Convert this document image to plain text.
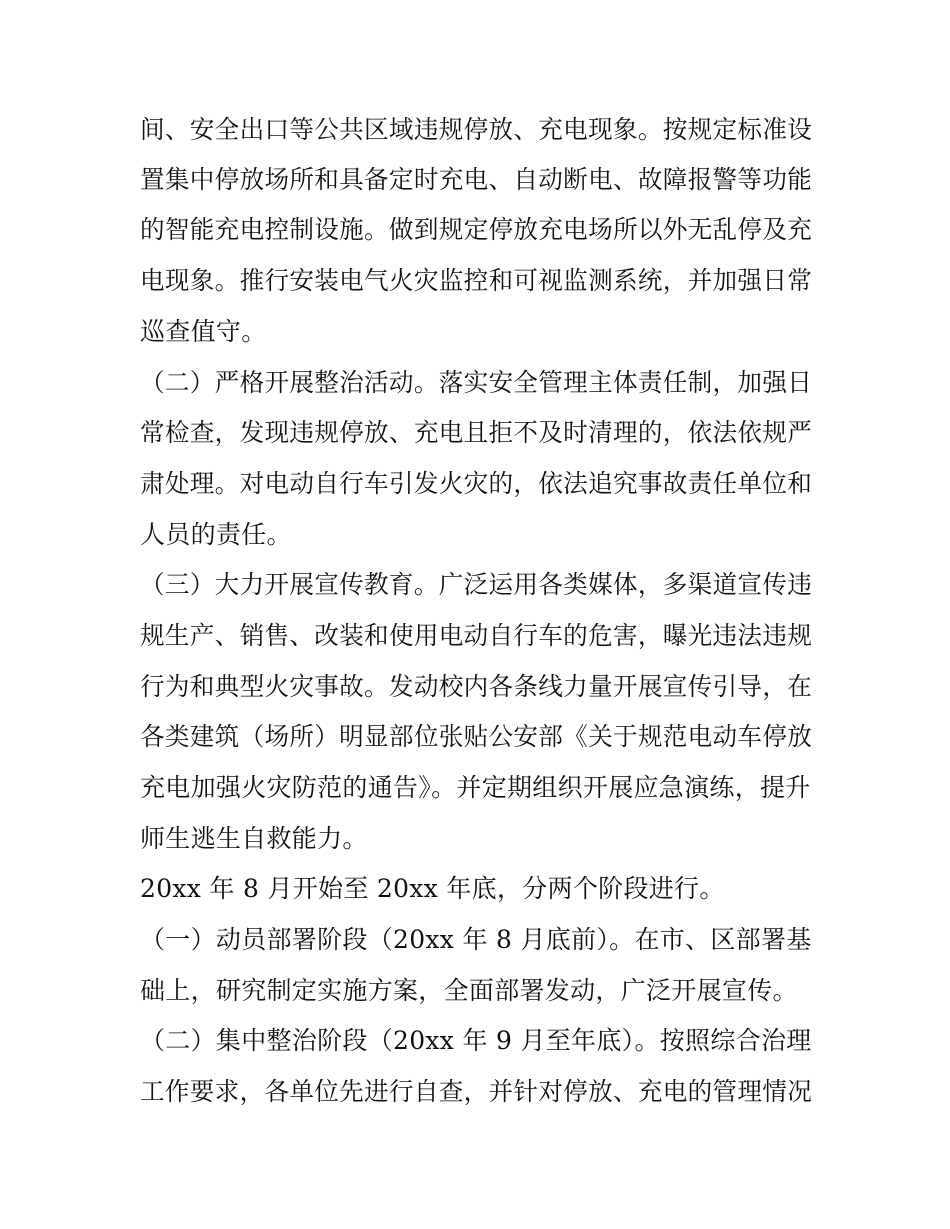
间、安全出口等公共区域违规停放、充电现象。按规定标准设
置集中停放场所和具备定时充电、自动断电、故障报警等功能
的智能充电控制设施。做到规定停放充电场所以外无乱停及充
电现象。推行安装电气火灾监控和可视监测系统，并加强日常
巡查值守。
（二）严格开展整治活动。落实安全管理主体责任制，加强日
常检查，发现违规停放、充电且拒不及时清理的，依法依规严
肃处理。对电动自行车引发火灾的，依法追究事故责任单位和
人员的责任。
（三）大力开展宣传教育。广泛运用各类媒体，多渠道宣传违
规生产、销售、改装和使用电动自行车的危害，曝光违法违规
行为和典型火灾事故。发动校内各条线力量开展宣传引导，在
各类建筑（场所）明显部位张贴公安部《关于规范电动车停放
充电加强火灾防范的通告》。并定期组织开展应急演练，提升
师生逃生自救能力。
20xx 年 8 月开始至 20xx 年底，分两个阶段进行。
（一）动员部署阶段（20xx 年 8 月底前）。在市、区部署基
础上，研究制定实施方案，全面部署发动，广泛开展宣传。
（二）集中整治阶段（20xx 年 9 月至年底）。按照综合治理
工作要求，各单位先进行自查，并针对停放、充电的管理情况
